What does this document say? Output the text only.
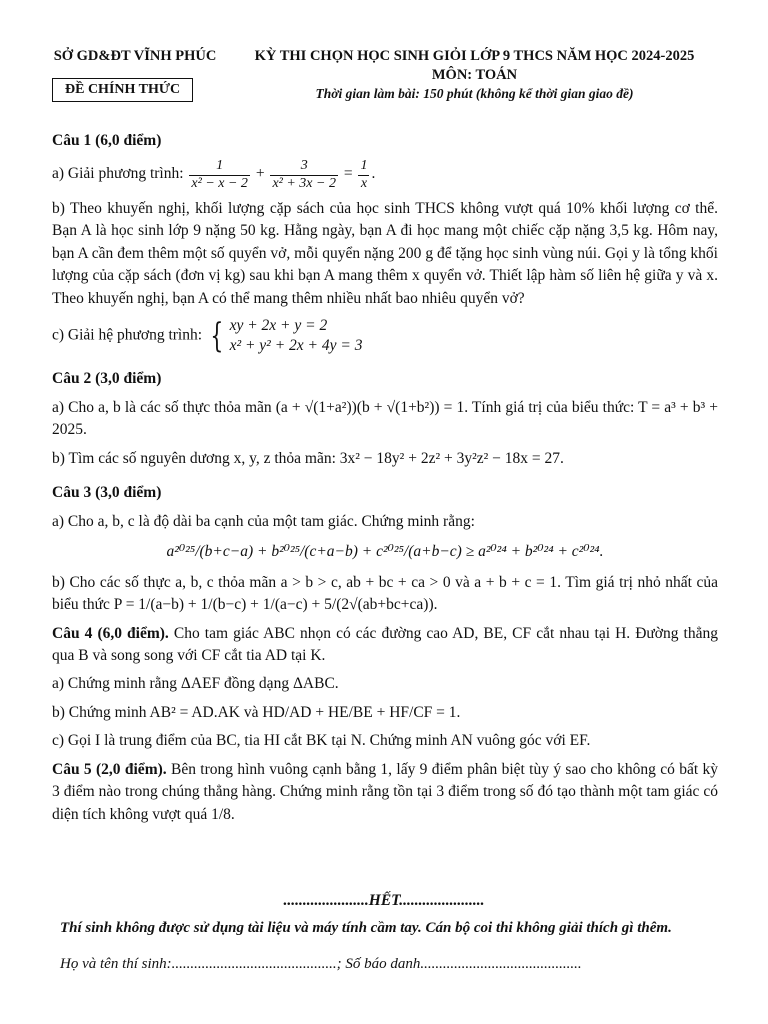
SỞ GD&ĐT VĨNH PHÚC
ĐỀ CHÍNH THỨC
KỲ THI CHỌN HỌC SINH GIỎI LỚP 9 THCS NĂM HỌC 2024-2025
MÔN: TOÁN
Thời gian làm bài: 150 phút (không kể thời gian giao đề)
Câu 1 (6,0 điểm)

a) Giải phương trình: $\frac{1}{\text{x² − x − 2}} + \frac{3}{\text{x² + 3x − 2}} = \frac{1}{x}$ .

b) Theo khuyến nghị, khối lượng cặp sách của học sinh THCS không vượt quá 10% khối lượng cơ thể. Bạn A là học sinh lớp 9 nặng 50 kg. Hằng ngày, bạn A đi học mang một chiếc cặp nặng 3,5 kg. Hôm nay, bạn A cần đem thêm một số quyển vở, mỗi quyển nặng 200 g để tặng học sinh vùng núi. Gọi y là tổng khối lượng của cặp sách (đơn vị kg) sau khi bạn A mang thêm x quyển vở. Thiết lập hàm số liên hệ giữa y và x. Theo khuyến nghị, bạn A có thể mang thêm nhiều nhất bao nhiêu quyển vở?

c) Giải hệ phương trình: { xy + 2x + y = 2
x² + y² + 2x + 4y = 3

Câu 2 (3,0 điểm)

a) Cho a, b là các số thực thỏa mãn (a + √(1+a²))(b + √(1+b²)) = 1. Tính giá trị của biểu thức: T = a³ + b³ + 2025.

b) Tìm các số nguyên dương x, y, z thỏa mãn: 3x² − 18y² + 2z² + 3y²z² − 18x = 27.

Câu 3 (3,0 điểm)

a) Cho a, b, c là độ dài ba cạnh của một tam giác. Chứng minh rằng:

a²⁰²⁵/(b+c−a) + b²⁰²⁵/(c+a−b) + c²⁰²⁵/(a+b−c) ≥ a²⁰²⁴ + b²⁰²⁴ + c²⁰²⁴.

b) Cho các số thực a, b, c thỏa mãn a > b > c, ab + bc + ca > 0 và a + b + c = 1. Tìm giá trị nhỏ nhất của biểu thức P = 1/(a−b) + 1/(b−c) + 1/(a−c) + 5/(2√(ab+bc+ca)).

Câu 4 (6,0 điểm). Cho tam giác ABC nhọn có các đường cao AD, BE, CF cắt nhau tại H. Đường thẳng qua B và song song với CF cắt tia AD tại K.

a) Chứng minh rằng ΔAEF đồng dạng ΔABC.

b) Chứng minh AB² = AD.AK và HD/AD + HE/BE + HF/CF = 1.

c) Gọi I là trung điểm của BC, tia HI cắt BK tại N. Chứng minh AN vuông góc với EF.

Câu 5 (2,0 điểm). Bên trong hình vuông cạnh bằng 1, lấy 9 điểm phân biệt tùy ý sao cho không có bất kỳ 3 điểm nào trong chúng thẳng hàng. Chứng minh rằng tồn tại 3 điểm trong số đó tạo thành một tam giác có diện tích không vượt quá 1/8.

......................HẾT......................
Thí sinh không được sử dụng tài liệu và máy tính cầm tay. Cán bộ coi thi không giải thích gì thêm.
Họ và tên thí sinh:............................................; Số báo danh...........................................
